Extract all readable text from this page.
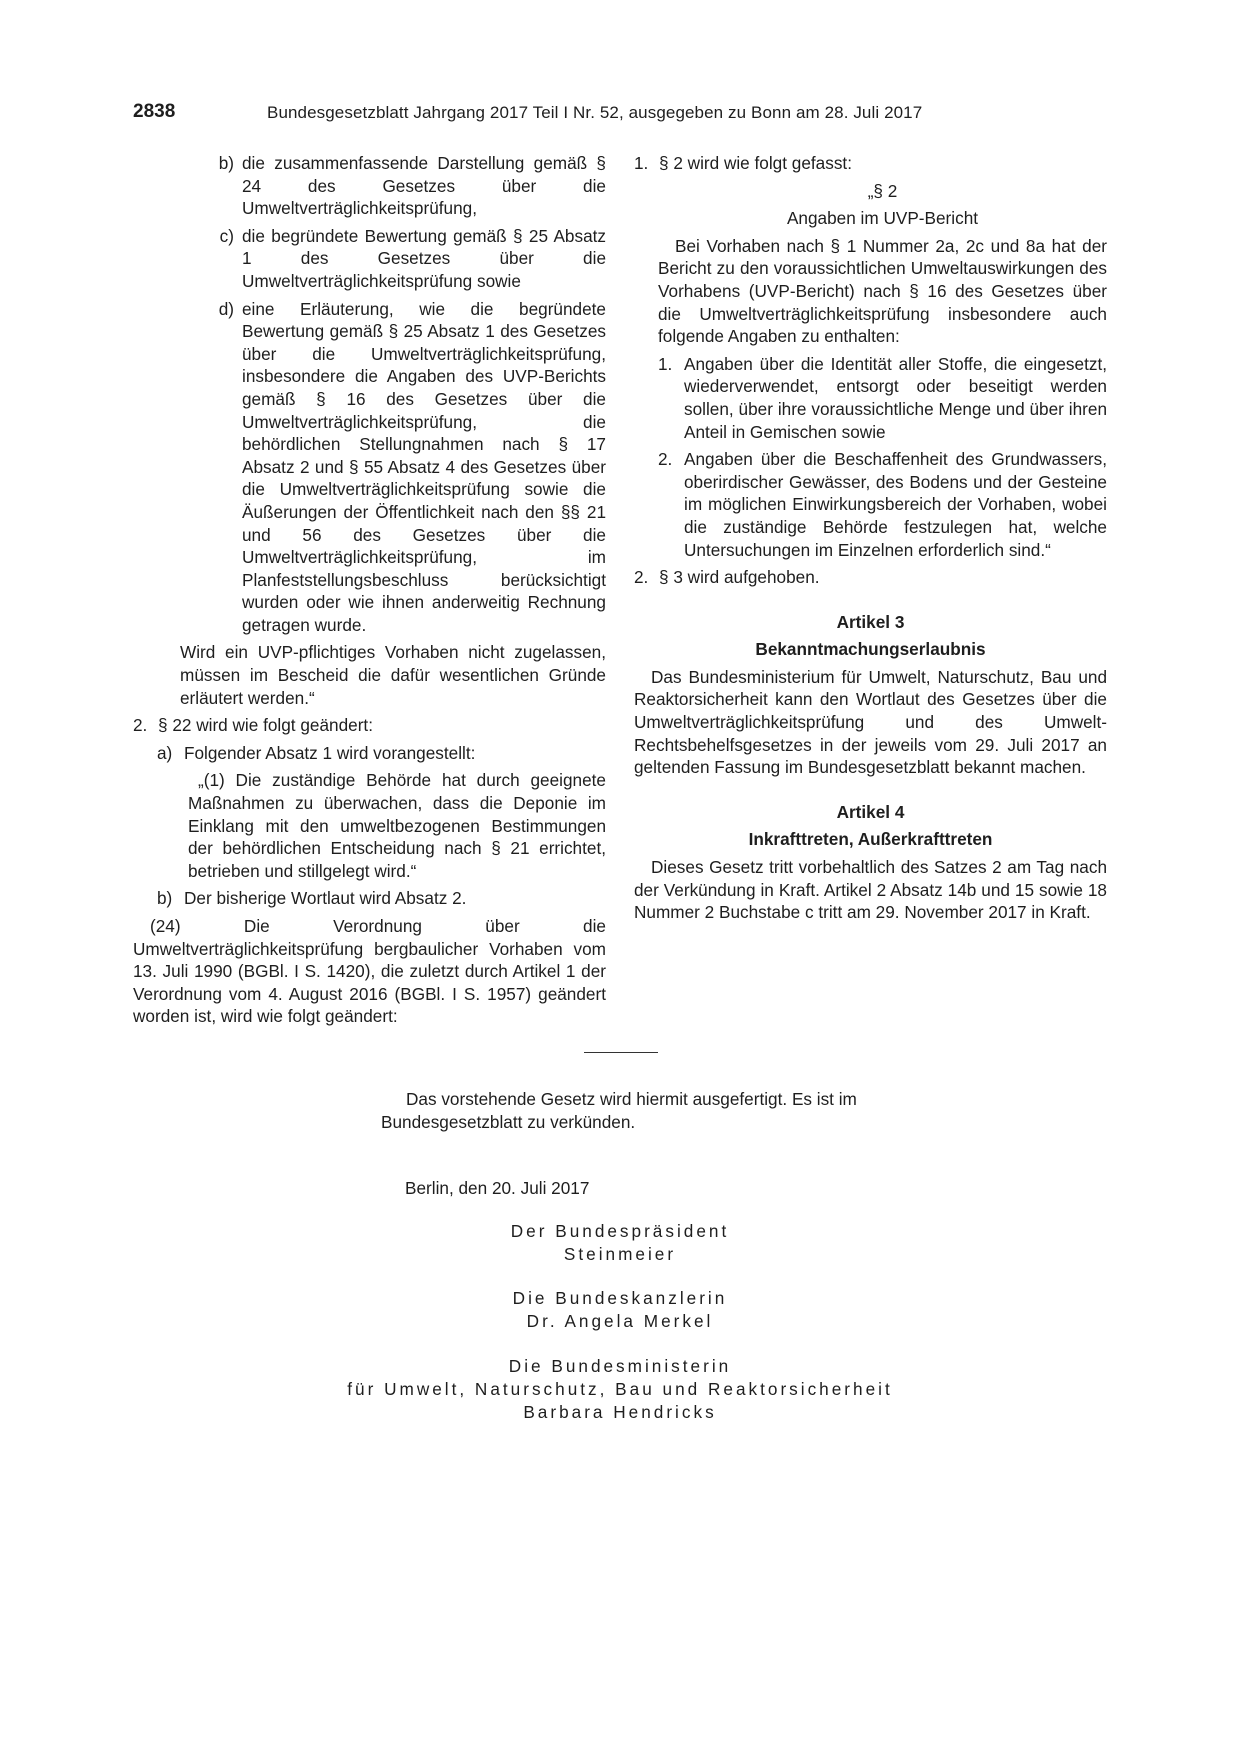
2838	Bundesgesetzblatt Jahrgang 2017 Teil I Nr. 52, ausgegeben zu Bonn am 28. Juli 2017
b) die zusammenfassende Darstellung gemäß § 24 des Gesetzes über die Umweltverträglichkeitsprüfung,
c) die begründete Bewertung gemäß § 25 Absatz 1 des Gesetzes über die Umweltverträglichkeitsprüfung sowie
d) eine Erläuterung, wie die begründete Bewertung gemäß § 25 Absatz 1 des Gesetzes über die Umweltverträglichkeitsprüfung, insbesondere die Angaben des UVP-Berichts gemäß § 16 des Gesetzes über die Umweltverträglichkeitsprüfung, die behördlichen Stellungnahmen nach § 17 Absatz 2 und § 55 Absatz 4 des Gesetzes über die Umweltverträglichkeitsprüfung sowie die Äußerungen der Öffentlichkeit nach den §§ 21 und 56 des Gesetzes über die Umweltverträglichkeitsprüfung, im Planfeststellungsbeschluss berücksichtigt wurden oder wie ihnen anderweitig Rechnung getragen wurde.

Wird ein UVP-pflichtiges Vorhaben nicht zugelassen, müssen im Bescheid die dafür wesentlichen Gründe erläutert werden.“

2. § 22 wird wie folgt geändert:
a) Folgender Absatz 1 wird vorangestellt:

„(1) Die zuständige Behörde hat durch geeignete Maßnahmen zu überwachen, dass die Deponie im Einklang mit den umweltbezogenen Bestimmungen der behördlichen Entscheidung nach § 21 errichtet, betrieben und stillgelegt wird.“

b) Der bisherige Wortlaut wird Absatz 2.

(24) Die Verordnung über die Umweltverträglichkeitsprüfung bergbaulicher Vorhaben vom 13. Juli 1990 (BGBl. I S. 1420), die zuletzt durch Artikel 1 der Verordnung vom 4. August 2016 (BGBl. I S. 1957) geändert worden ist, wird wie folgt geändert:

1. § 2 wird wie folgt gefasst:

„§ 2

Angaben im UVP-Bericht

Bei Vorhaben nach § 1 Nummer 2a, 2c und 8a hat der Bericht zu den voraussichtlichen Umweltauswirkungen des Vorhabens (UVP-Bericht) nach § 16 des Gesetzes über die Umweltverträglichkeitsprüfung insbesondere auch folgende Angaben zu enthalten:

1. Angaben über die Identität aller Stoffe, die eingesetzt, wiederverwendet, entsorgt oder beseitigt werden sollen, über ihre voraussichtliche Menge und über ihren Anteil in Gemischen sowie
2. Angaben über die Beschaffenheit des Grundwassers, oberirdischer Gewässer, des Bodens und der Gesteine im möglichen Einwirkungsbereich der Vorhaben, wobei die zuständige Behörde festzulegen hat, welche Untersuchungen im Einzelnen erforderlich sind.“
2. § 3 wird aufgehoben.

Artikel 3

Bekanntmachungserlaubnis

Das Bundesministerium für Umwelt, Naturschutz, Bau und Reaktorsicherheit kann den Wortlaut des Gesetzes über die Umweltverträglichkeitsprüfung und des Umwelt-Rechtsbehelfsgesetzes in der jeweils vom 29. Juli 2017 an geltenden Fassung im Bundesgesetzblatt bekannt machen.

Artikel 4

Inkrafttreten, Außerkrafttreten

Dieses Gesetz tritt vorbehaltlich des Satzes 2 am Tag nach der Verkündung in Kraft. Artikel 2 Absatz 14b und 15 sowie 18 Nummer 2 Buchstabe c tritt am 29. November 2017 in Kraft.

Das vorstehende Gesetz wird hiermit ausgefertigt. Es ist im Bundesgesetzblatt zu verkünden.
Berlin, den 20. Juli 2017
Der Bundespräsident
Steinmeier
Die Bundeskanzlerin
Dr. Angela Merkel
Die Bundesministerin
für Umwelt, Naturschutz, Bau und Reaktorsicherheit
Barbara Hendricks
